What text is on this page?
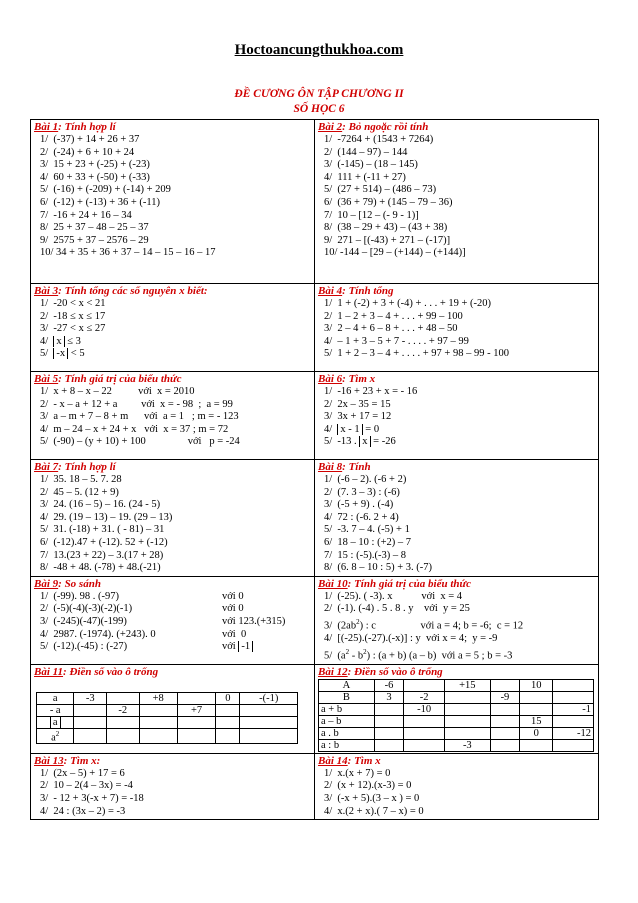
Hoctoancungthukhoa.com
ĐỀ CƯƠNG ÔN TẬP CHƯƠNG II
SỐ HỌC 6
Bài 1: Tính hợp lí
1/  (-37) + 14 + 26 + 37
2/  (-24) + 6 + 10 + 24
3/  15 + 23 + (-25) + (-23)
4/  60 + 33 + (-50) + (-33)
5/  (-16) + (-209) + (-14) + 209
6/  (-12) + (-13) + 36 + (-11)
7/  -16 + 24 + 16 – 34
8/  25 + 37 – 48 – 25 – 37
9/  2575 + 37 – 2576 – 29
10/ 34 + 35 + 36 + 37 – 14 – 15 – 16 – 17

Bài 2: Bỏ ngoặc rồi tính
1/  -7264 + (1543 + 7264)
2/  (144 – 97) – 144
3/  (-145) – (18 – 145)
4/  111 + (-11 + 27)
5/  (27 + 514) – (486 – 73)
6/  (36 + 79) + (145 – 79 – 36)
7/  10 – [12 – (- 9 - 1)]
8/  (38 – 29 + 43) – (43 + 38)
9/  271 – [(-43) + 271 – (-17)]
10/ -144 – [29 – (+144) – (+144)]

Bài 3: Tính tổng các số nguyên x biết:
1/  -20 < x < 21
2/  -18 ≤ x ≤ 17
3/  -27 < x ≤ 27
4/  x ≤ 3
5/  -x < 5

Bài 4: Tính tổng
1/  1 + (-2) + 3 + (-4) + . . . + 19 + (-20)
2/  1 – 2 + 3 – 4 + . . . + 99 – 100
3/  2 – 4 + 6 – 8 + . . . + 48 – 50
4/  – 1 + 3 – 5 + 7 - . . . . + 97 – 99
5/  1 + 2 – 3 – 4 + . . . . + 97 + 98 – 99 - 100

Bài 5: Tính giá trị của biểu thức
1/  x + 8 – x – 22          với  x = 2010
2/  - x – a + 12 + a         với  x = - 98  ;  a = 99
3/  a – m + 7 – 8 + m      với  a = 1   ; m = - 123
4/  m – 24 – x + 24 + x   với  x = 37 ; m = 72
5/  (-90) – (y + 10) + 100                với   p = -24

Bài 6: Tìm x
1/  -16 + 23 + x = - 16
2/  2x – 35 = 15
3/  3x + 17 = 12
4/  x - 1 = 0
5/  -13 . x = -26

Bài 7: Tính hợp lí
1/  35. 18 – 5. 7. 28
2/  45 – 5. (12 + 9)
3/  24. (16 – 5) – 16. (24 - 5)
4/  29. (19 – 13) – 19. (29 – 13)
5/  31. (-18) + 31. ( - 81) – 31
6/  (-12).47 + (-12). 52 + (-12)
7/  13.(23 + 22) – 3.(17 + 28)
8/  -48 + 48. (-78) + 48.(-21)

Bài 8: Tính
1/  (-6 – 2). (-6 + 2)
2/  (7. 3 – 3) : (-6)
3/  (-5 + 9) . (-4)
4/  72 : (-6. 2 + 4)
5/  -3. 7 – 4. (-5) + 1
6/  18 – 10 : (+2) – 7
7/  15 : (-5).(-3) – 8
8/  (6. 8 – 10 : 5) + 3. (-7)

Bài 9: So sánh
1/  (-99). 98 . (-97)	với 0
2/  (-5)(-4)(-3)(-2)(-1)	với 0
3/  (-245)(-47)(-199)	với 123.(+315)
4/  2987. (-1974). (+243). 0	với  0
5/  (-12).(-45) : (-27)	với -1

Bài 10: Tính giá trị của biểu thức
1/  (-25). ( -3). x           với  x = 4
2/  (-1). (-4) . 5 . 8 . y    với  y = 25
3/  $(2ab^2)$ : c                 với a = 4; b = -6;  c = 12
4/  [(-25).(-27).(-x)] : y  với x = 4;  y = -9
5/  $(a^2 - b^2)$ : (a + b) (a – b)  với a = 5 ; b = -3

Bài 11: Điền số vào ô trống
a	-3		+8		0	-(-1)
- a		-2		+7		
a						
$a^2$						

Bài 12: Điền số vào ô trống
A	-6		+15		10	
B	3	-2		-9		
a + b		-10				-1
a – b					15	
a . b					0	-12
a : b			-3			

Bài 13: Tìm x:
1/  (2x – 5) + 17 = 6
2/  10 – 2(4 – 3x) = -4
3/  - 12 + 3(-x + 7) = -18
4/  24 : (3x – 2) = -3

Bài 14: Tìm x
1/  x.(x + 7) = 0
2/  (x + 12).(x-3) = 0
3/  (-x + 5).(3 – x ) = 0
4/  x.(2 + x).( 7 – x) = 0
